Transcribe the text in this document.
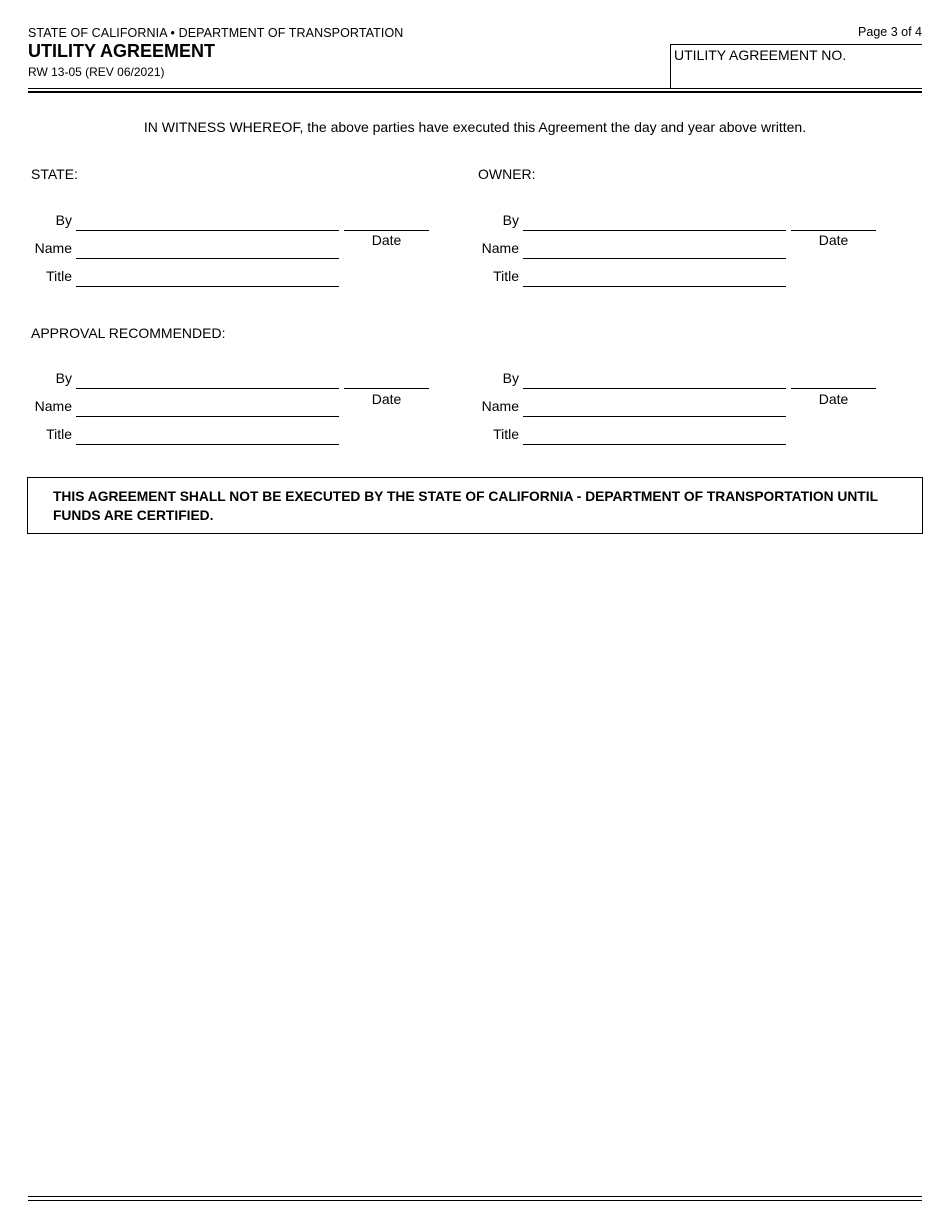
STATE OF CALIFORNIA • DEPARTMENT OF TRANSPORTATION
UTILITY AGREEMENT
RW 13-05 (REV 06/2021)
Page 3 of 4
UTILITY AGREEMENT NO.
IN WITNESS WHEREOF, the above parties have executed this Agreement the day and year above written.
STATE:	OWNER:
By
Date
Name
Title
By
Date
Name
Title
APPROVAL RECOMMENDED:
By
Date
Name
Title
By
Date
Name
Title
THIS AGREEMENT SHALL NOT BE EXECUTED BY THE STATE OF CALIFORNIA - DEPARTMENT OF TRANSPORTATION UNTIL FUNDS ARE CERTIFIED.
